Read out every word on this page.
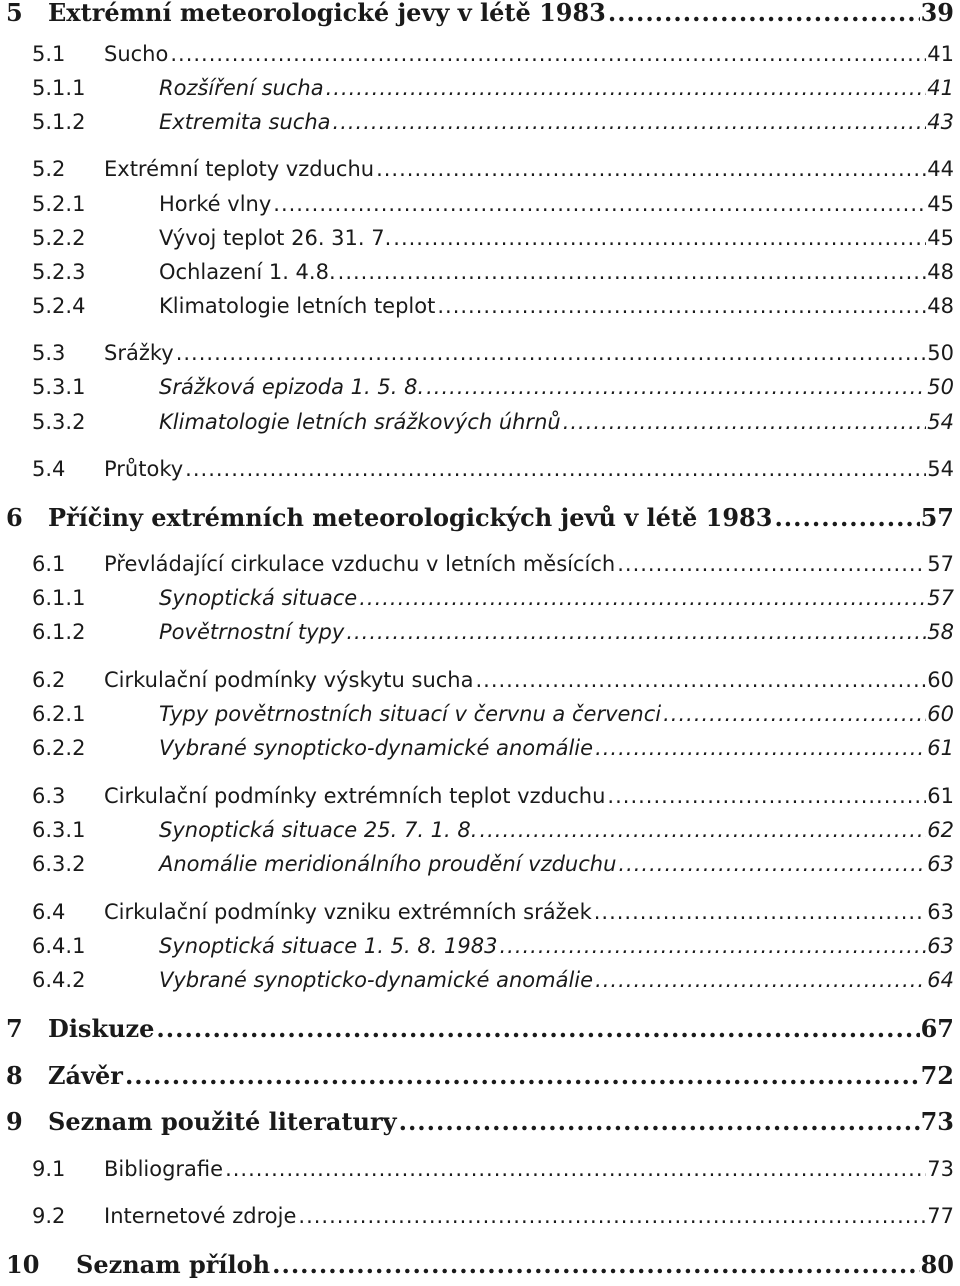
5	Extrémní meteorologické jevy v létě 1983 .....	39
5.1	Sucho .....	41
5.1.1	Rozšíření sucha .....	41
5.1.2	Extremita sucha .....	43
5.2	Extrémní teploty vzduchu .....	44
5.2.1	Horké vlny .....	45
5.2.2	Vývoj teplot 26. 31. 7. .....	45
5.2.3	Ochlazení 1. 4.8. .....	48
5.2.4	Klimatologie letních teplot .....	48
5.3	Srážky .....	50
5.3.1	Srážková epizoda 1. 5. 8. .....	50
5.3.2	Klimatologie letních srážkových úhrnů .....	54
5.4	Průtoky .....	54
6	Příčiny extrémních meteorologických jevů v létě 1983 .....	57
6.1	Převládající cirkulace vzduchu v letních měsících .....	57
6.1.1	Synoptická situace .....	57
6.1.2	Povětrnostní typy .....	58
6.2	Cirkulační podmínky výskytu sucha .....	60
6.2.1	Typy povětrnostních situací v červnu a červenci .....	60
6.2.2	Vybrané synopticko-dynamické anomálie .....	61
6.3	Cirkulační podmínky extrémních teplot vzduchu .....	61
6.3.1	Synoptická situace 25. 7. 1. 8. .....	62
6.3.2	Anomálie meridionálního proudění vzduchu .....	63
6.4	Cirkulační podmínky vzniku extrémních srážek .....	63
6.4.1	Synoptická situace 1. 5. 8. 1983 .....	63
6.4.2	Vybrané synopticko-dynamické anomálie .....	64
7	Diskuze .....	67
8	Závěr .....	72
9	Seznam použité literatury .....	73
9.1	Bibliografie .....	73
9.2	Internetové zdroje .....	77
10	Seznam příloh .....	80
